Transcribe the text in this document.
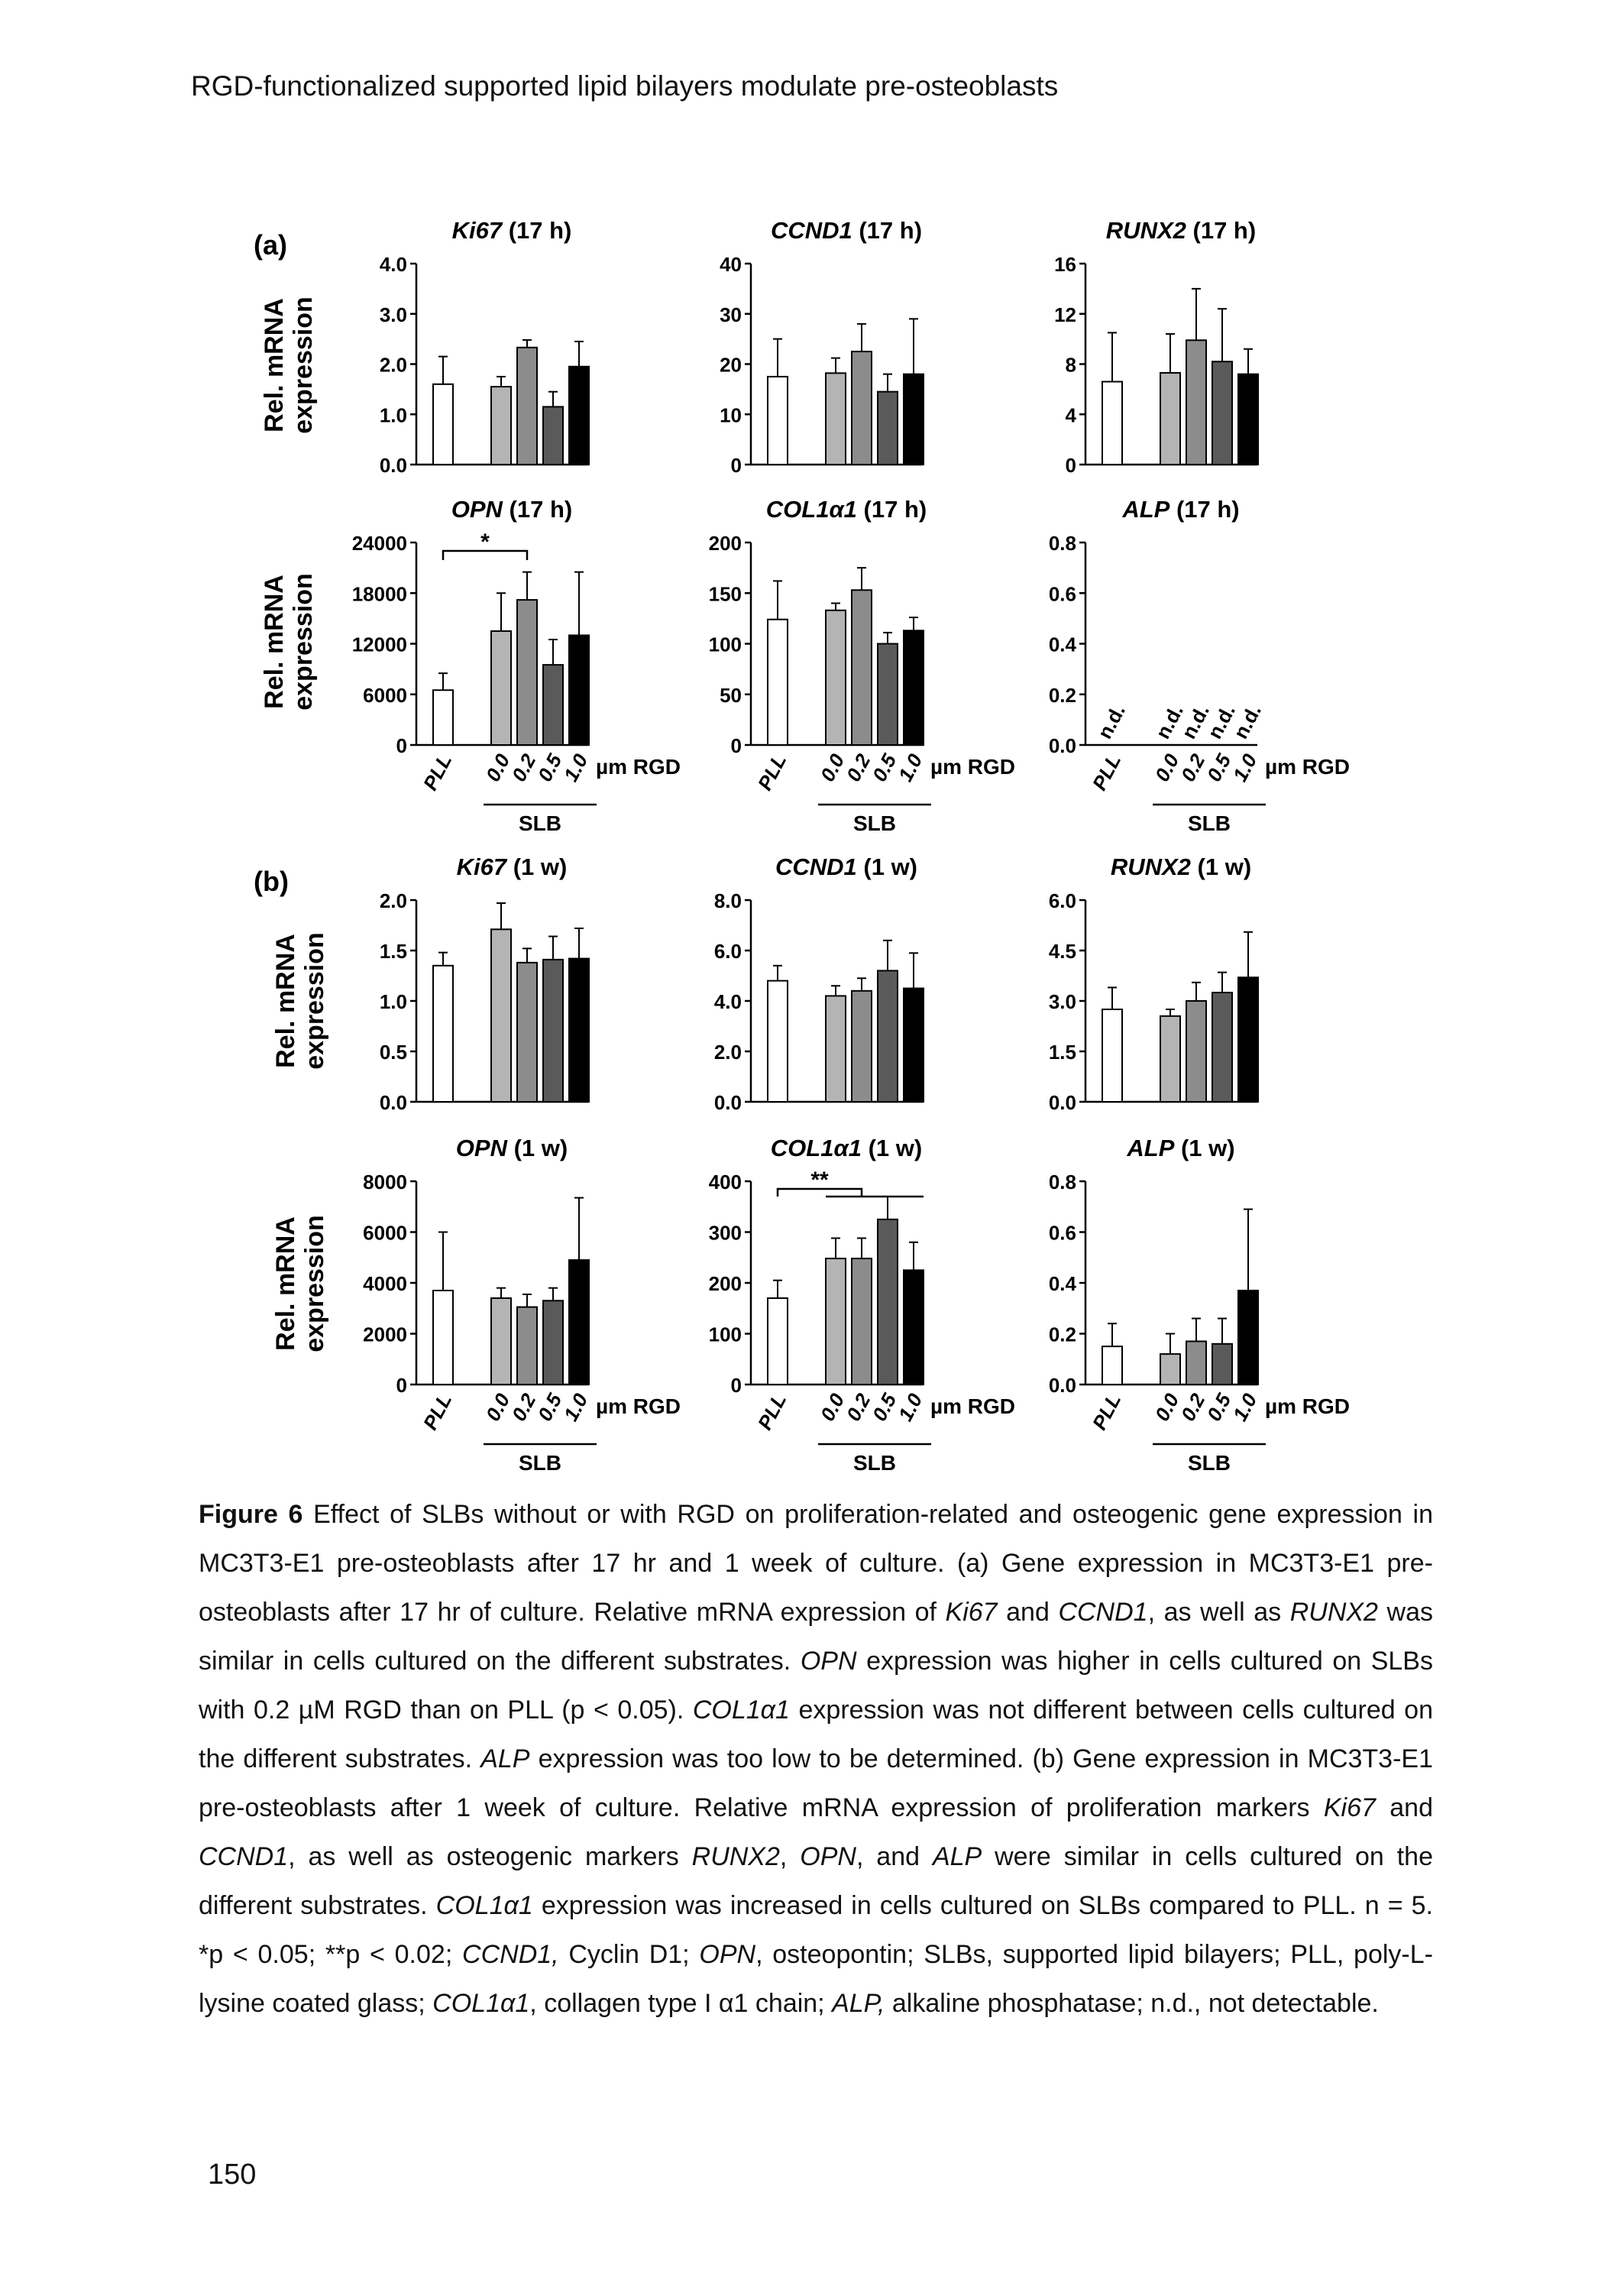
RGD-functionalized supported lipid bilayers modulate pre-osteoblasts
(a)	Ki67 (17 h)
0.0
1.0
2.0
3.0
4.0
CCND1 (17 h)
0
10
20
30
40
RUNX2 (17 h)
0
4
8
12
16
OPN (17 h)
0
6000
12000
18000
24000	*
PLL 0.0
0.2
0.5
1.0 µm RGD
SLB
COL1α1 (17 h)
0
50
100
150
200
PLL 0.0
0.2
0.5
1.0 µm RGD
SLB
ALP (17 h)
0.0
0.2
0.4
0.6
0.8
n.d. n.d.
n.d.
n.d.
n.d.
PLL 0.0
0.2
0.5
1.0 µm RGD
SLB
(b)	Ki67 (1 w)
0.0
0.5
1.0
1.5
2.0
CCND1 (1 w)
0.0
2.0
4.0
6.0
8.0
RUNX2 (1 w)
0.0
1.5
3.0
4.5
6.0
OPN (1 w)
0
2000
4000
6000
8000
PLL 0.0
0.2
0.5
1.0 µm RGD
SLB
COL1α1 (1 w)
0
100
200
300
400	**
PLL 0.0
0.2
0.5
1.0 µm RGD
SLB
ALP (1 w)
0.0
0.2
0.4
0.6
0.8
PLL 0.0
0.2
0.5
1.0 µm RGD
SLB
Rel. mRNAexpression
Rel. mRNAexpression
Rel. mRNAexpression
Rel. mRNAexpression
Figure 6 Effect of SLBs without or with RGD on proliferation-related and osteogenic gene expression in MC3T3-E1 pre-osteoblasts after 17 hr and 1 week of culture. (a) Gene expression in MC3T3-E1 pre-osteoblasts after 17 hr of culture. Relative mRNA expression of Ki67 and CCND1, as well as RUNX2 was similar in cells cultured on the different substrates. OPN expression was higher in cells cultured on SLBs with 0.2 µM RGD than on PLL (p < 0.05). COL1α1 expression was not different between cells cultured on the different substrates. ALP expression was too low to be determined. (b) Gene expression in MC3T3-E1 pre-osteoblasts after 1 week of culture. Relative mRNA expression of proliferation markers Ki67 and CCND1, as well as osteogenic markers RUNX2, OPN, and ALP were similar in cells cultured on the different substrates. COL1α1 expression was increased in cells cultured on SLBs compared to PLL. n = 5. *p < 0.05; **p < 0.02; CCND1, Cyclin D1; OPN, osteopontin; SLBs, supported lipid bilayers; PLL, poly-L-lysine coated glass; COL1α1, collagen type I α1 chain; ALP, alkaline phosphatase; n.d., not detectable.
150
